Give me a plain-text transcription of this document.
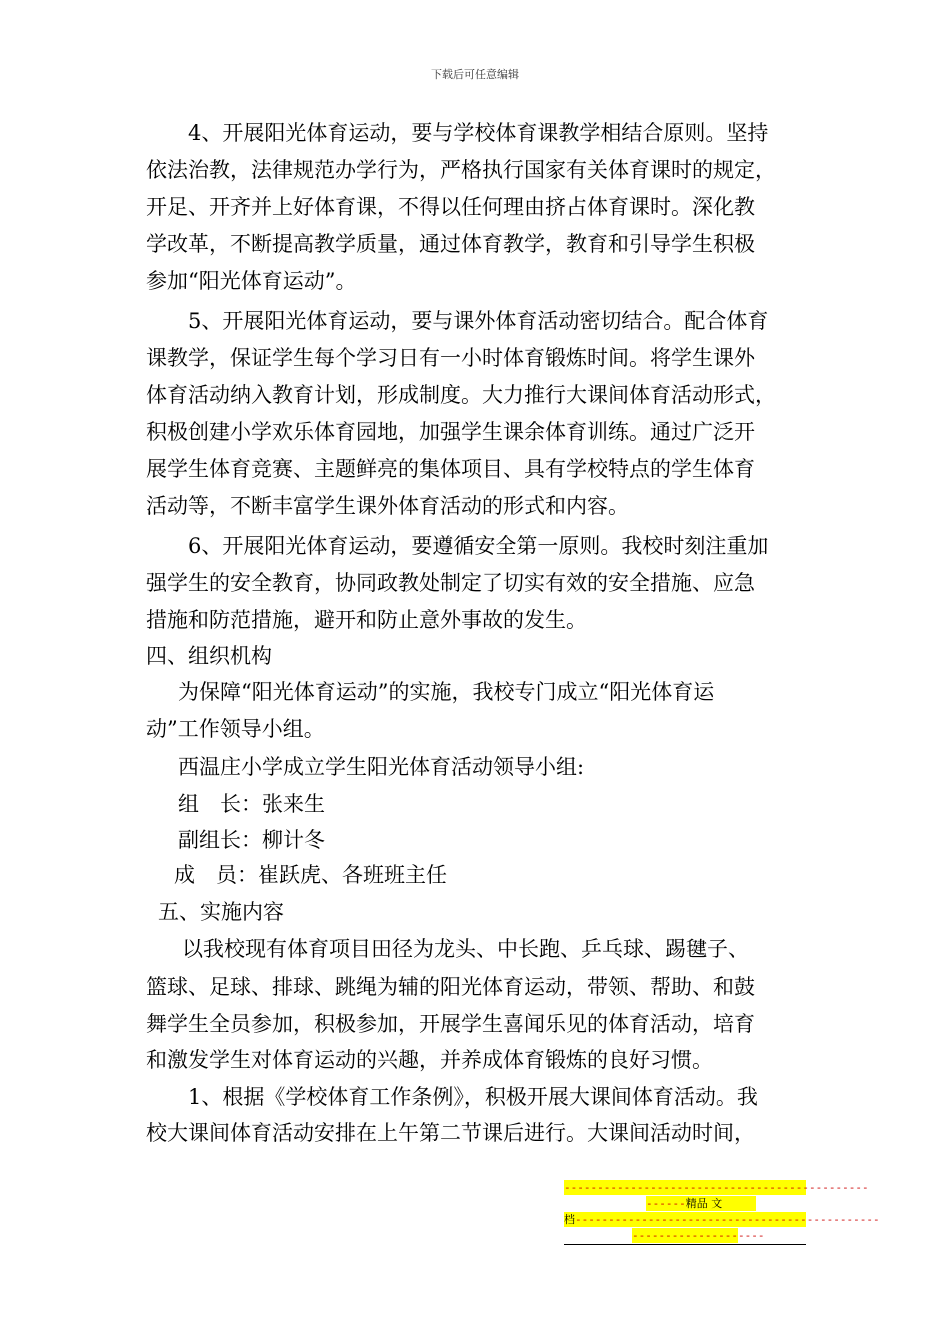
下载后可任意编辑
4、开展阳光体育运动，要与学校体育课教学相结合原则。坚持
依法治教，法律规范办学行为，严格执行国家有关体育课时的规定，
开足、开齐并上好体育课，不得以任何理由挤占体育课时。深化教
学改革，不断提高教学质量，通过体育教学，教育和引导学生积极
参加“阳光体育运动”。
5、开展阳光体育运动，要与课外体育活动密切结合。配合体育
课教学，保证学生每个学习日有一小时体育锻炼时间。将学生课外
体育活动纳入教育计划，形成制度。大力推行大课间体育活动形式，
积极创建小学欢乐体育园地，加强学生课余体育训练。通过广泛开
展学生体育竞赛、主题鲜亮的集体项目、具有学校特点的学生体育
活动等，不断丰富学生课外体育活动的形式和内容。
6、开展阳光体育运动，要遵循安全第一原则。我校时刻注重加
强学生的安全教育，协同政教处制定了切实有效的安全措施、应急
措施和防范措施，避开和防止意外事故的发生。
四、组织机构
为保障“阳光体育运动”的实施，我校专门成立“阳光体育运
动”工作领导小组。
西温庄小学成立学生阳光体育活动领导小组:
组　长：张来生
副组长：柳计冬
成　员：崔跃虎、各班班主任
五、实施内容
以我校现有体育项目田径为龙头、中长跑、乒乓球、踢毽子、
篮球、足球、排球、跳绳为辅的阳光体育运动，带领、帮助、和鼓
舞学生全员参加，积极参加，开展学生喜闻乐见的体育活动，培育
和激发学生对体育运动的兴趣，并养成体育锻炼的良好习惯。
1、根据《学校体育工作条例》，积极开展大课间体育活动。我
校大课间体育活动安排在上午第二节课后进行。大课间活动时间，
----------------------------------------------
------精品 文
档----------------------------------------------
--------------------
